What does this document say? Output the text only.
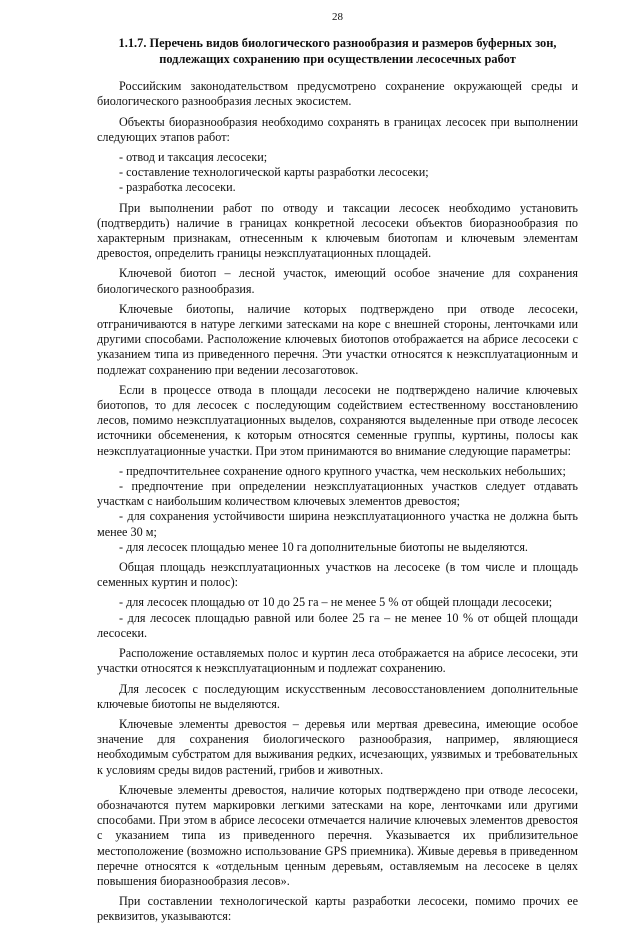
28
1.1.7. Перечень видов биологического разнообразия и размеров буферных зон,
подлежащих сохранению при осуществлении лесосечных работ

Российским законодательством предусмотрено сохранение окружающей среды и биологического разнообразия лесных экосистем.

Объекты биоразнообразия необходимо сохранять в границах лесосек при выполнении следующих этапов работ:

- отвод и таксация лесосеки;

- составление технологической карты разработки лесосеки;

- разработка лесосеки.

При выполнении работ по отводу и таксации лесосек необходимо установить (подтвердить) наличие в границах конкретной лесосеки объектов биоразнообразия по характерным признакам, отнесенным к ключевым биотопам и ключевым элементам древостоя, определить границы неэксплуатационных площадей.

Ключевой биотоп – лесной участок, имеющий особое значение для сохранения биологического разнообразия.

Ключевые биотопы, наличие которых подтверждено при отводе лесосеки, отграничиваются в натуре легкими затесками на коре с внешней стороны, ленточками или другими способами. Расположение ключевых биотопов отображается на абрисе лесосеки с указанием типа из приведенного перечня. Эти участки относятся к неэксплуатационным и подлежат сохранению при ведении лесозаготовок.

Если в процессе отвода в площади лесосеки не подтверждено наличие ключевых биотопов, то для лесосек с последующим содействием естественному восстановлению лесов, помимо неэксплуатационных выделов, сохраняются выделенные при отводе лесосек источники обсеменения, к которым относятся семенные группы, куртины, полосы как неэксплуатационные участки. При этом принимаются во внимание следующие параметры:

- предпочтительнее сохранение одного крупного участка, чем нескольких небольших;

- предпочтение при определении неэксплуатационных участков следует отдавать участкам с наибольшим количеством ключевых элементов древостоя;

- для сохранения устойчивости ширина неэксплуатационного участка не должна быть менее 30 м;

- для лесосек площадью менее 10 га дополнительные биотопы не выделяются.

Общая площадь неэксплуатационных участков на лесосеке (в том числе и площадь семенных куртин и полос):

- для лесосек площадью от 10 до 25 га – не менее 5 % от общей площади лесосеки;

- для лесосек площадью равной или более 25 га – не менее 10 % от общей площади лесосеки.

Расположение оставляемых полос и куртин леса отображается на абрисе лесосеки, эти участки относятся к неэксплуатационным и подлежат сохранению.

Для лесосек с последующим искусственным лесовосстановлением дополнительные ключевые биотопы не выделяются.

Ключевые элементы древостоя – деревья или мертвая древесина, имеющие особое значение для сохранения биологического разнообразия, например, являющиеся необходимым субстратом для выживания редких, исчезающих, уязвимых и требовательных к условиям среды видов растений, грибов и животных.

Ключевые элементы древостоя, наличие которых подтверждено при отводе лесосеки, обозначаются путем маркировки легкими затесками на коре, ленточками или другими способами. При этом в абрисе лесосеки отмечается наличие ключевых элементов древостоя с указанием типа из приведенного перечня. Указывается их приблизительное местоположение (возможно использование GPS приемника). Живые деревья в приведенном перечне относятся к «отдельным ценным деревьям, оставляемым на лесосеке в целях повышения биоразнообразия лесов».

При составлении технологической карты разработки лесосеки, помимо прочих ее реквизитов, указываются:
